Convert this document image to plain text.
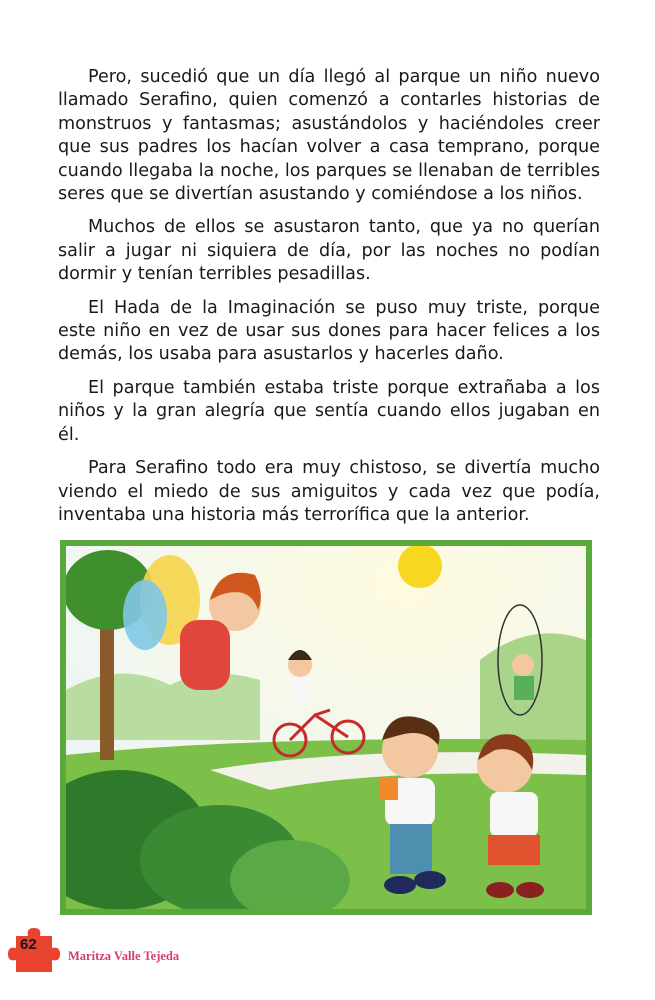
Pero, sucedió que un día llegó al parque un niño nuevo llamado Serafino, quien comenzó a contarles historias de monstruos y fantasmas; asustándolos y haciéndoles creer que sus padres los hacían volver a casa temprano, porque cuando llegaba la noche, los parques se llenaban de terribles seres que se divertían asustando y comiéndose a los niños.

Muchos de ellos se asustaron tanto, que ya no querían salir a jugar ni siquiera de día, por las noches no podían dormir y tenían terribles pesadillas.

El Hada de la Imaginación se puso muy triste, porque este niño en vez de usar sus dones para hacer felices a los demás, los usaba para asustarlos y hacerles daño.

El parque también estaba triste porque extrañaba a los niños y la gran alegría que sentía cuando ellos jugaban en él.

Para Serafino todo era muy chistoso, se divertía mucho viendo el miedo de sus amiguitos y cada vez que podía, inventaba una historia más terrorífica que la anterior.

62
Maritza Valle Tejeda
